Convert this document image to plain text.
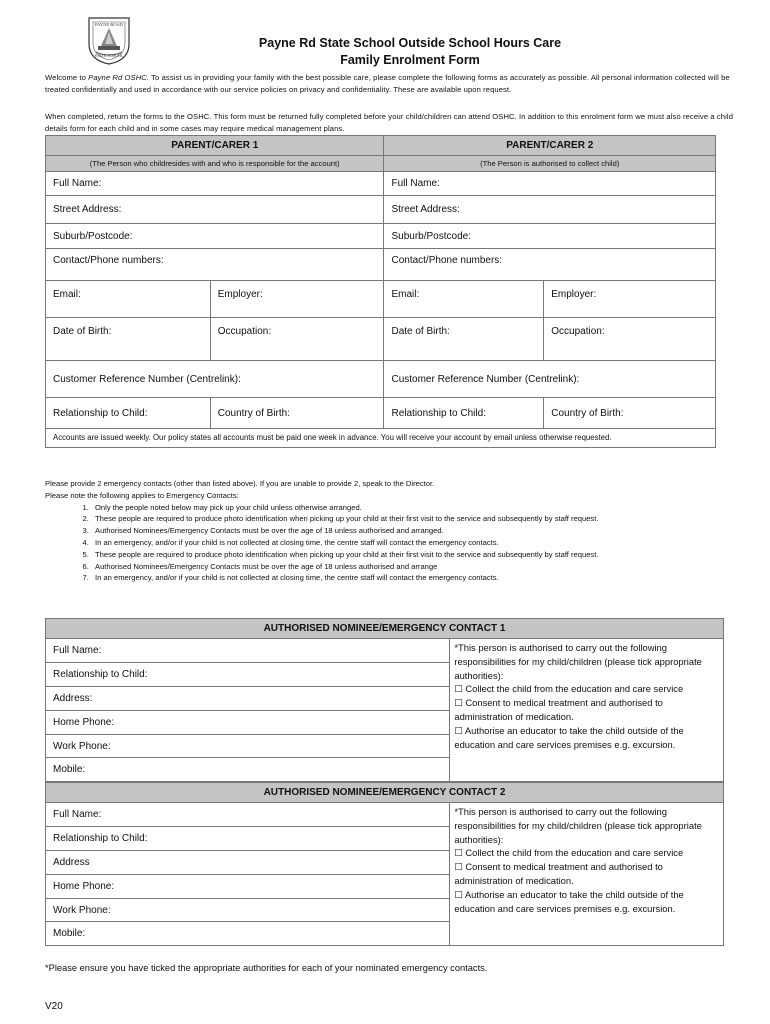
PAYNE ROAD
STATE SCHOOL
Payne Rd State School Outside School Hours Care
Family Enrolment Form
Welcome to Payne Rd OSHC. To assist us in providing your family with the best possible care, please complete the following forms as accurately as possible. All personal information collected will be treated confidentially and used in accordance with our service policies on privacy and confidentiality. These are available upon request.
When completed, return the forms to the OSHC. This form must be returned fully completed before your child/children can attend OSHC. In addition to this enrolment form we must also receive a child details form for each child and in some cases may require medical management plans.
PARENT/CARER 1		PARENT/CARER 2	
(The Person who childresides with and who is responsible for the account)		(The Person is authorised to collect child)	
Full Name:		Full Name:	
Street Address:		Street Address:	
Suburb/Postcode:		Suburb/Postcode:	
Contact/Phone numbers:		Contact/Phone numbers:	
Email:	Employer:	Email:	Employer:
Date of Birth:	Occupation:	Date of Birth:	Occupation:
Customer Reference Number (Centrelink):		Customer Reference Number (Centrelink):	
Relationship to Child:	Country of Birth:	Relationship to Child:	Country of Birth:
Accounts are issued weekly. Our policy states all accounts must be paid one week in advance. You will receive your account by email unless otherwise requested.			
Please provide 2 emergency contacts (other than listed above). If you are unable to provide 2, speak to the Director.
Please note the following applies to Emergency Contacts:
1. Only the people noted below may pick up your child unless otherwise arranged.
2. These people are required to produce photo identification when picking up your child at their first visit to the service and subsequently by staff request.
3. Authorised Nominees/Emergency Contacts must be over the age of 18 unless authorised and arranged.
4. In an emergency, and/or if your child is not collected at closing time, the centre staff will contact the emergency contacts.
5. These people are required to produce photo identification when picking up your child at their first visit to the service and subsequently by staff request.
6. Authorised Nominees/Emergency Contacts must be over the age of 18 unless authorised and arrange
7. In an emergency, and/or if your child is not collected at closing time, the centre staff will contact the emergency contacts.
AUTHORISED NOMINEE/EMERGENCY CONTACT 1
Full Name:	*This person is authorised to carry out the following responsibilities for my child/children (please tick appropriate authorities):
☐ Collect the child from the education and care service
☐ Consent to medical treatment and authorised to administration of medication.
☐ Authorise an educator to take the child outside of the education and care services premises e.g. excursion.

Relationship to Child:
Address:
Home Phone:
Work Phone:
Mobile:
AUTHORISED NOMINEE/EMERGENCY CONTACT 2
Full Name:	*This person is authorised to carry out the following responsibilities for my child/children (please tick appropriate authorities):
☐ Collect the child from the education and care service
☐ Consent to medical treatment and authorised to administration of medication.
☐ Authorise an educator to take the child outside of the education and care services premises e.g. excursion.

Relationship to Child:
Address
Home Phone:
Work Phone:
Mobile:
*Please ensure you have ticked the appropriate authorities for each of your nominated emergency contacts.
V20
